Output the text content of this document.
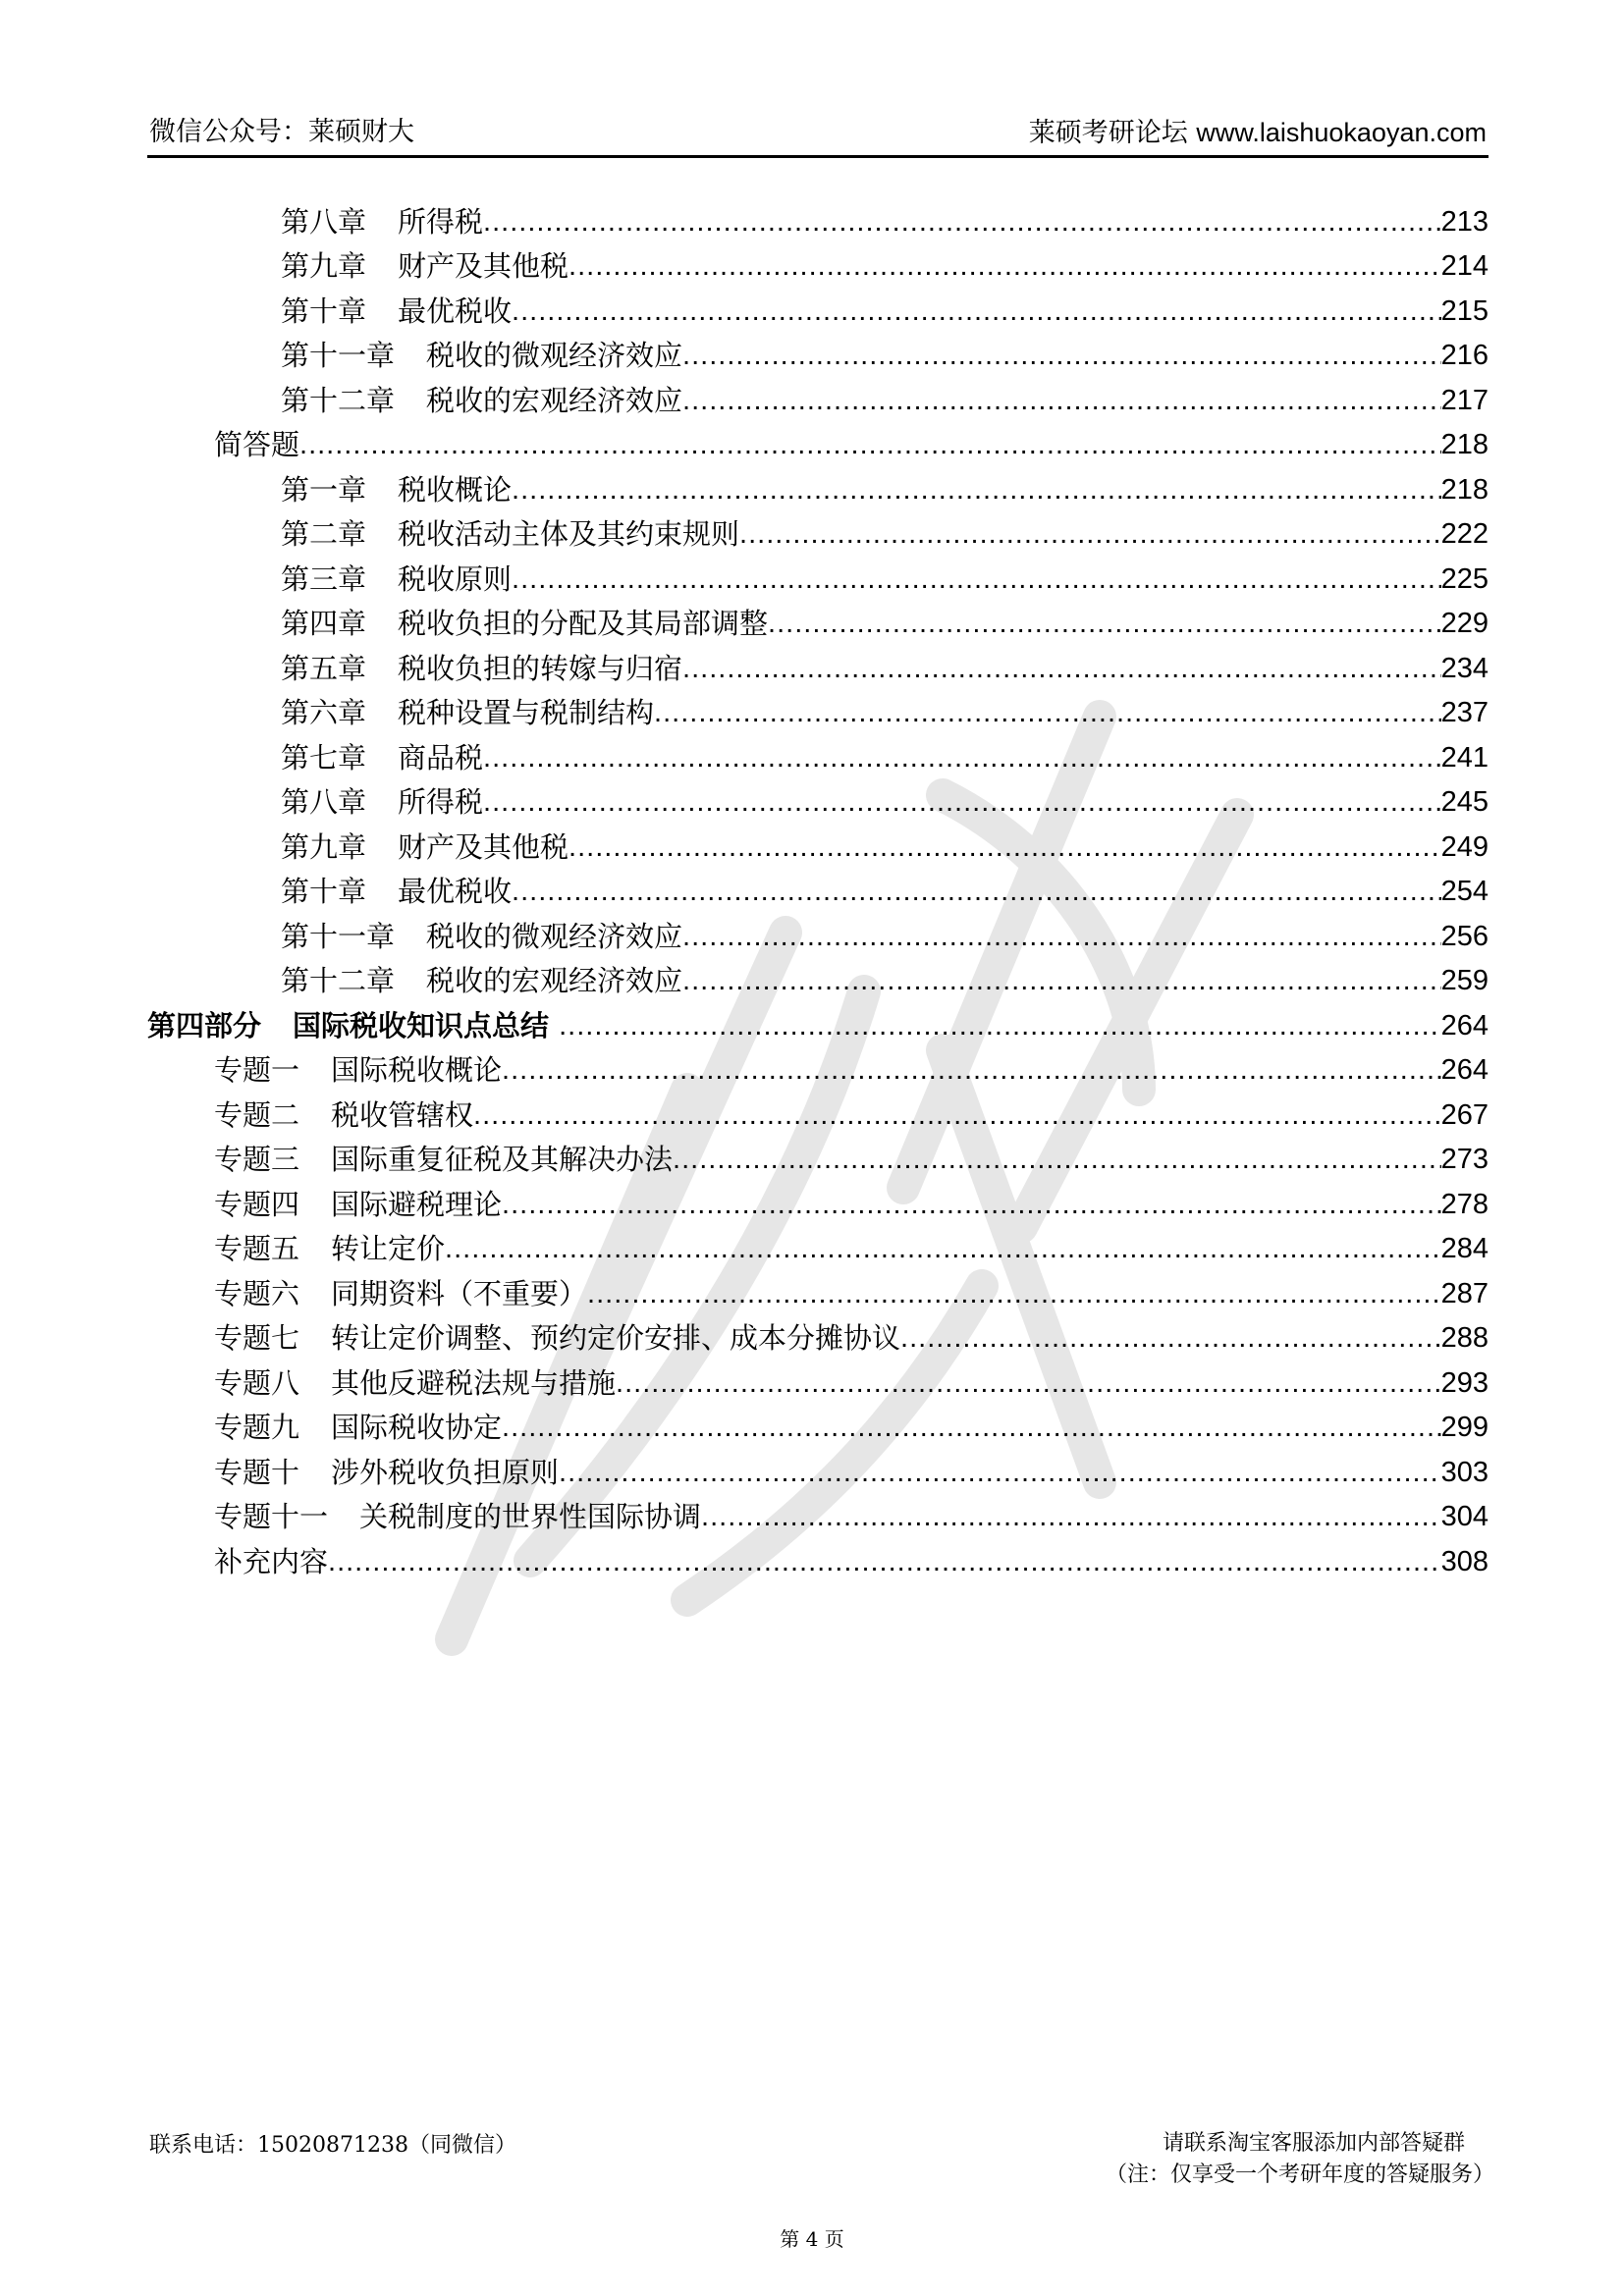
微信公众号：莱硕财大	莱硕考研论坛 www.laishuokaoyan.com
第八章 所得税 .....	213
第九章 财产及其他税 .....	214
第十章 最优税收 .....	215
第十一章 税收的微观经济效应 .....	216
第十二章 税收的宏观经济效应 .....	217
简答题 .....	218
第一章 税收概论 .....	218
第二章 税收活动主体及其约束规则 .....	222
第三章 税收原则 .....	225
第四章 税收负担的分配及其局部调整 .....	229
第五章 税收负担的转嫁与归宿 .....	234
第六章 税种设置与税制结构 .....	237
第七章 商品税 .....	241
第八章 所得税 .....	245
第九章 财产及其他税 .....	249
第十章 最优税收 .....	254
第十一章 税收的微观经济效应 .....	256
第十二章 税收的宏观经济效应 .....	259
第四部分 国际税收知识点总结 .....	264
专题一 国际税收概论 .....	264
专题二 税收管辖权 .....	267
专题三 国际重复征税及其解决办法 .....	273
专题四 国际避税理论 .....	278
专题五 转让定价 .....	284
专题六 同期资料（不重要） .....	287
专题七 转让定价调整、预约定价安排、成本分摊协议 .....	288
专题八 其他反避税法规与措施 .....	293
专题九 国际税收协定 .....	299
专题十 涉外税收负担原则 .....	303
专题十一 关税制度的世界性国际协调 .....	304
补充内容 .....	308
联系电话：15020871238（同微信）	请联系淘宝客服添加内部答疑群
（注：仅享受一个考研年度的答疑服务）
第 4 页
